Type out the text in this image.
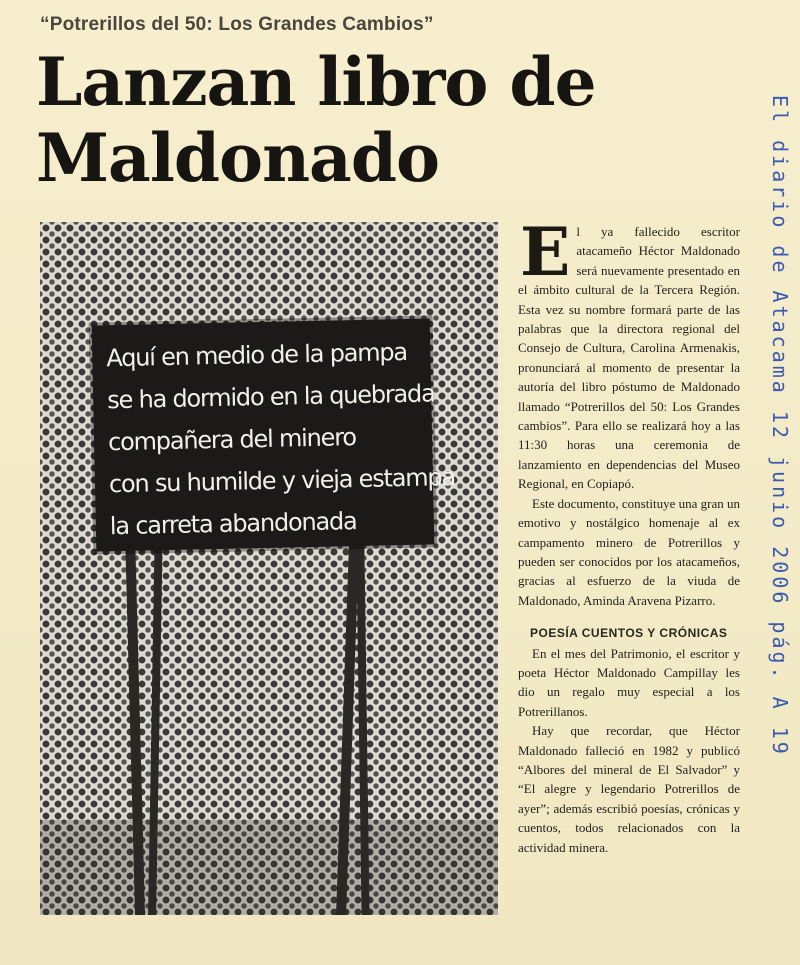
“Potrerillos del 50: Los Grandes Cambios”
Lanzan libro de Maldonado
Aquí en medio de la pampa
se ha dormido en la quebrada
compañera del minero
con su humilde y vieja estampa
la carreta abandonada
E l ya fallecido escritor atacameño Héctor Maldonado será nuevamente presentado en el ámbito cultural de la Tercera Región. Esta vez su nombre formará parte de las palabras que la directora regional del Consejo de Cultura, Carolina Armenakis, pronunciará al momento de presentar la autoría del libro póstumo de Maldonado llamado “Potrerillos del 50: Los Grandes cambios”. Para ello se realizará hoy a las 11:30 horas una ceremonia de lanzamiento en dependencias del Museo Regional, en Copiapó.

Este documento, constituye una gran un emotivo y nostálgico homenaje al ex campamento minero de Potrerillos y pueden ser conocidos por los atacameños, gracias al esfuerzo de la viuda de Maldonado, Aminda Aravena Pizarro.

POESÍA CUENTOS Y CRÓNICAS

En el mes del Patrimonio, el escritor y poeta Héctor Maldonado Campillay les dio un regalo muy especial a los Potrerillanos.

Hay que recordar, que Héctor Maldonado falleció en 1982 y publicó “Albores del mineral de El Salvador” y “El alegre y legendario Potrerillos de ayer”; además escribió poesías, crónicas y cuentos, todos relacionados con la actividad minera.

El diario de Atacama 12 junio 2006 pág. A 19
